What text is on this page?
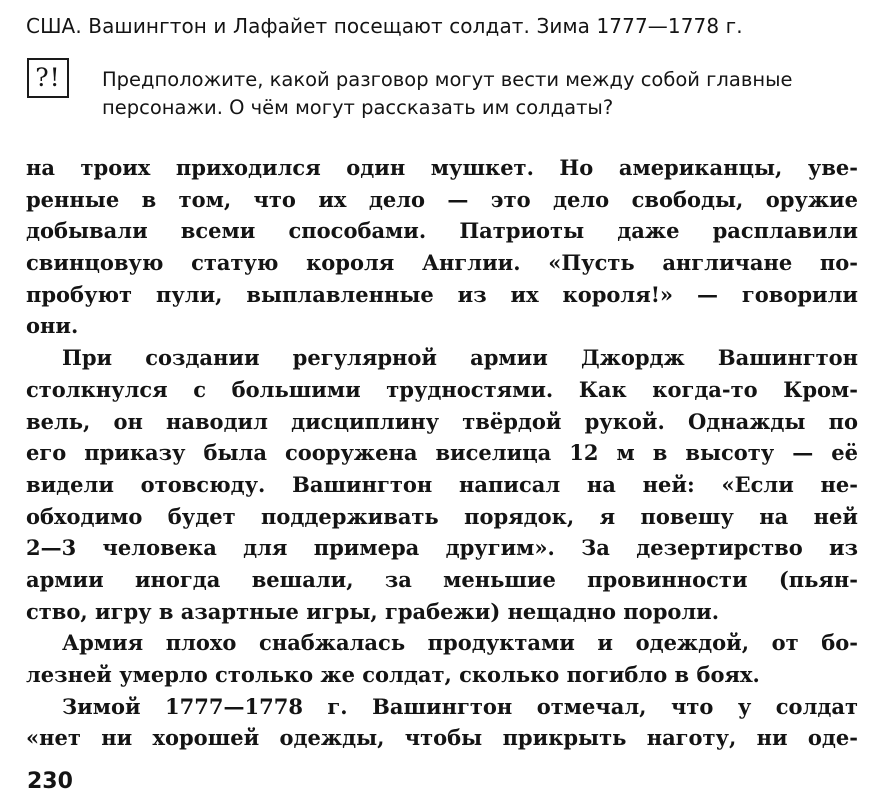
США. Вашингтон и Лафайет посещают солдат. Зима 1777—1778 г.
?!	Предположите, какой разговор могут вести между собой главные
персонажи. О чём могут рассказать им солдаты?
на троих приходился один мушкет. Но американцы, уве-
ренные в том, что их дело — это дело свободы, оружие
добывали всеми способами. Патриоты даже расплавили
свинцовую статую короля Англии. «Пусть англичане по-
пробуют пули, выплавленные из их короля!» — говорили
они.
При создании регулярной армии Джордж Вашингтон
столкнулся с большими трудностями. Как когда-то Кром-
вель, он наводил дисциплину твёрдой рукой. Однажды по
его приказу была сооружена виселица 12 м в высоту — её
видели отовсюду. Вашингтон написал на ней: «Если не-
обходимо будет поддерживать порядок, я повешу на ней
2—3 человека для примера другим». За дезертирство из
армии иногда вешали, за меньшие провинности (пьян-
ство, игру в азартные игры, грабежи) нещадно пороли.
Армия плохо снабжалась продуктами и одеждой, от бо-
лезней умерло столько же солдат, сколько погибло в боях.
Зимой 1777—1778 г. Вашингтон отмечал, что у солдат
«нет ни хорошей одежды, чтобы прикрыть наготу, ни оде-
230
